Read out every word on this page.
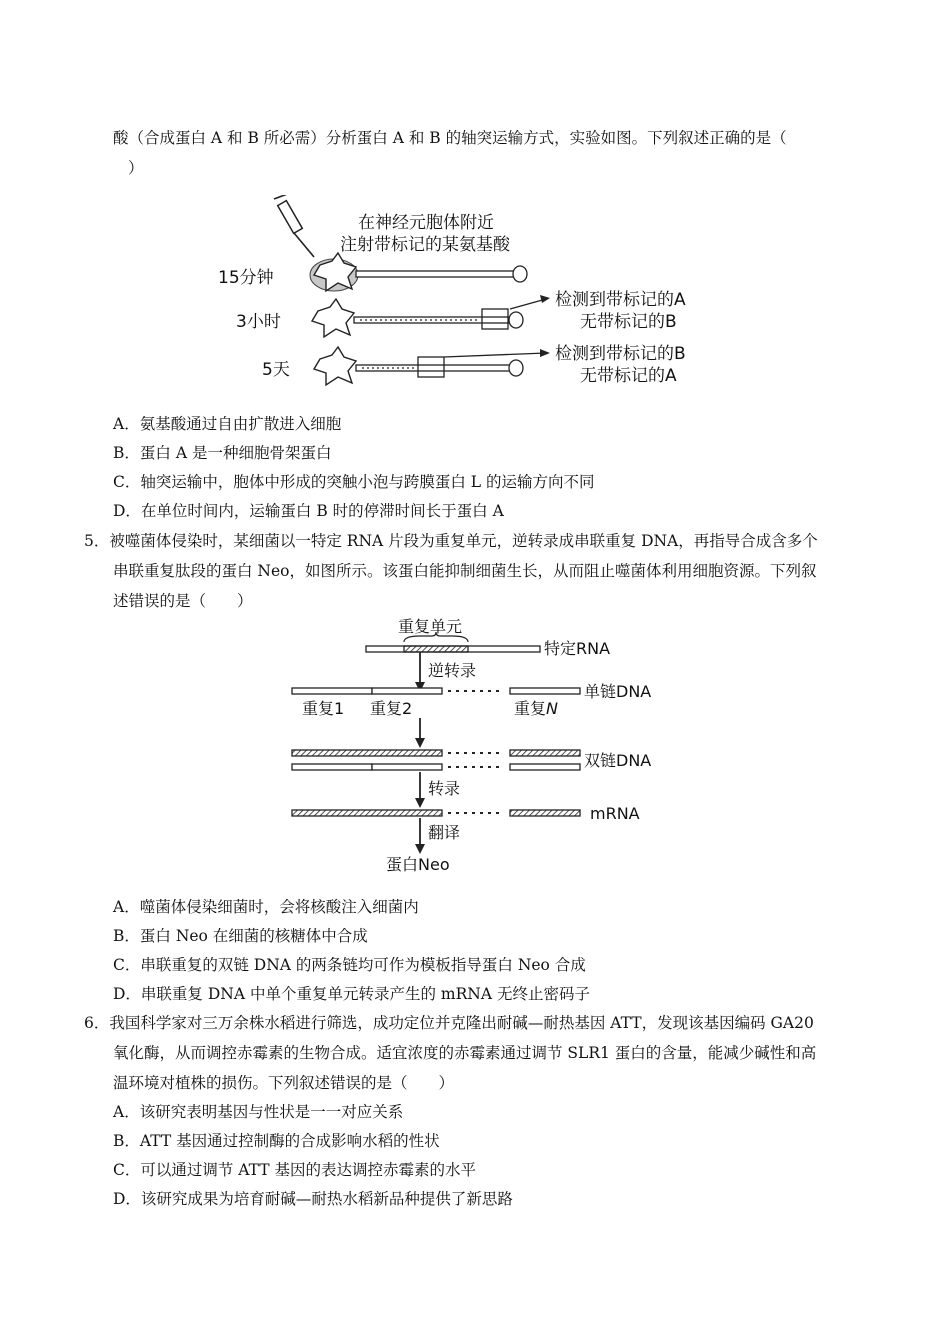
酸（合成蛋白 A 和 B 所必需）分析蛋白 A 和 B 的轴突运输方式，实验如图。下列叙述正确的是（
）
在神经元胞体附近
注射带标记的某氨基酸
15分钟
3小时
检测到带标记的A
无带标记的B
5天
检测到带标记的B
无带标记的A
A．氨基酸通过自由扩散进入细胞
B．蛋白 A 是一种细胞骨架蛋白
C．轴突运输中，胞体中形成的突触小泡与跨膜蛋白 L 的运输方向不同
D．在单位时间内，运输蛋白 B 时的停滞时间长于蛋白 A
5．被噬菌体侵染时，某细菌以一特定 RNA 片段为重复单元，逆转录成串联重复 DNA，再指导合成含多个
串联重复肽段的蛋白 Neo，如图所示。该蛋白能抑制细菌生长，从而阻止噬菌体利用细胞资源。下列叙
述错误的是（　　）
重复单元
特定RNA
逆转录
单链DNA
重复1 重复2	重复N
双链DNA
转录
mRNA
翻译
蛋白Neo
A．噬菌体侵染细菌时，会将核酸注入细菌内
B．蛋白 Neo 在细菌的核糖体中合成
C．串联重复的双链 DNA 的两条链均可作为模板指导蛋白 Neo 合成
D．串联重复 DNA 中单个重复单元转录产生的 mRNA 无终止密码子
6．我国科学家对三万余株水稻进行筛选，成功定位并克隆出耐碱—耐热基因 ATT，发现该基因编码 GA20
氧化酶，从而调控赤霉素的生物合成。适宜浓度的赤霉素通过调节 SLR1 蛋白的含量，能减少碱性和高
温环境对植株的损伤。下列叙述错误的是（　　）
A．该研究表明基因与性状是一一对应关系
B．ATT 基因通过控制酶的合成影响水稻的性状
C．可以通过调节 ATT 基因的表达调控赤霉素的水平
D．该研究成果为培育耐碱—耐热水稻新品种提供了新思路
